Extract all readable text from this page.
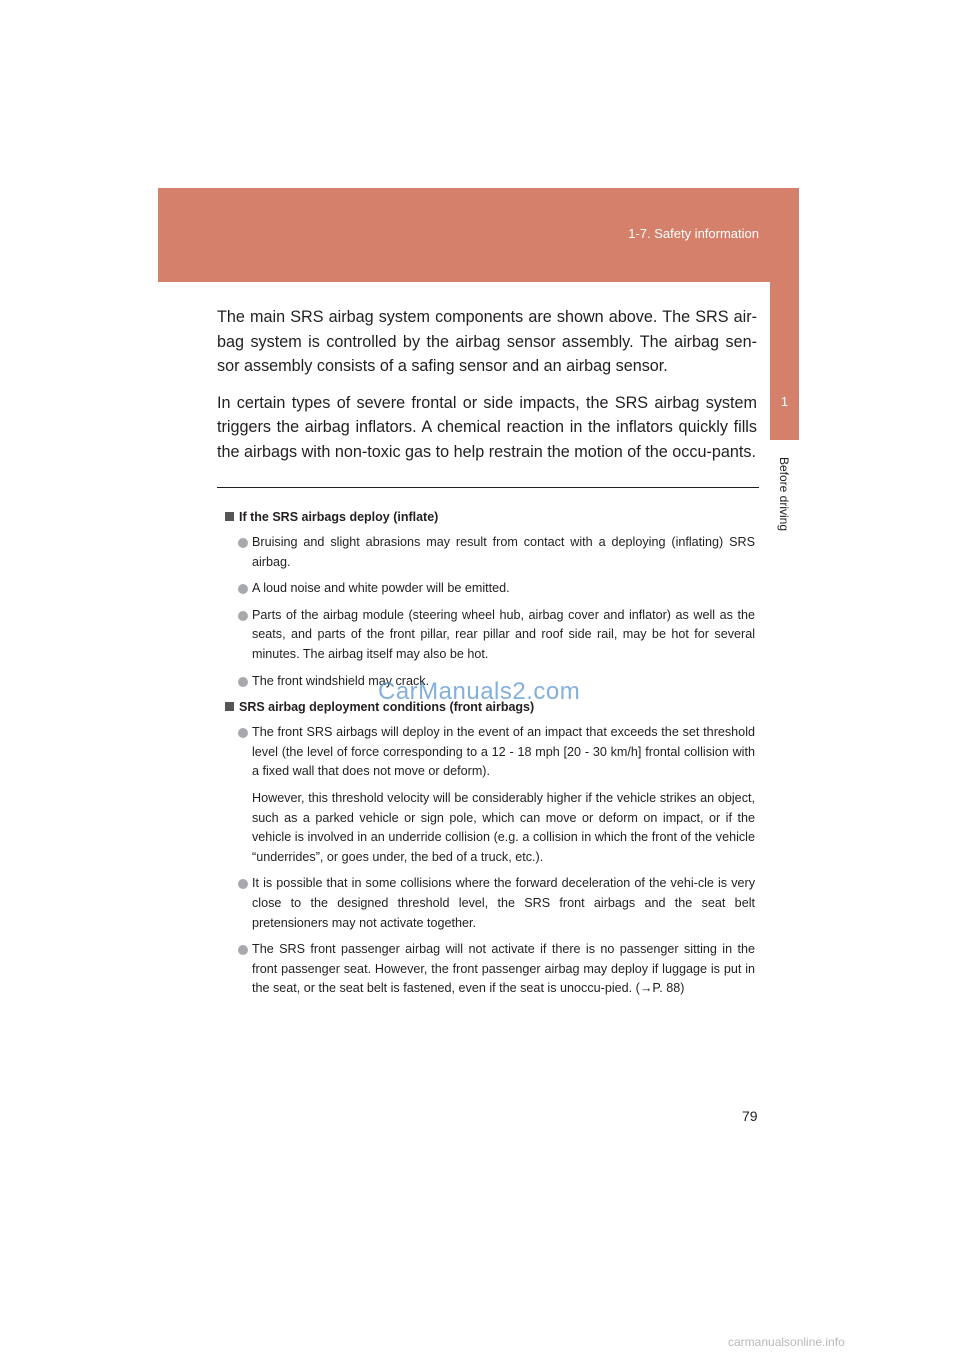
1-7. Safety information
1
Before driving

The main SRS airbag system components are shown above. The SRS air-bag system is controlled by the airbag sensor assembly. The airbag sen-sor assembly consists of a safing sensor and an airbag sensor.

In certain types of severe frontal or side impacts, the SRS airbag system triggers the airbag inflators. A chemical reaction in the inflators quickly fills the airbags with non-toxic gas to help restrain the motion of the occu-pants.

If the SRS airbags deploy (inflate)

Bruising and slight abrasions may result from contact with a deploying (inflating) SRS airbag.

A loud noise and white powder will be emitted.

Parts of the airbag module (steering wheel hub, airbag cover and inflator) as well as the seats, and parts of the front pillar, rear pillar and roof side rail, may be hot for several minutes. The airbag itself may also be hot.

The front windshield may crack.

SRS airbag deployment conditions (front airbags)

The front SRS airbags will deploy in the event of an impact that exceeds the set threshold level (the level of force corresponding to a 12 - 18 mph [20 - 30 km/h] frontal collision with a fixed wall that does not move or deform).

However, this threshold velocity will be considerably higher if the vehicle strikes an object, such as a parked vehicle or sign pole, which can move or deform on impact, or if the vehicle is involved in an underride collision (e.g. a collision in which the front of the vehicle “underrides”, or goes under, the bed of a truck, etc.).

It is possible that in some collisions where the forward deceleration of the vehi-cle is very close to the designed threshold level, the SRS front airbags and the seat belt pretensioners may not activate together.

The SRS front passenger airbag will not activate if there is no passenger sitting in the front passenger seat. However, the front passenger airbag may deploy if luggage is put in the seat, or the seat belt is fastened, even if the seat is unoccu-pied. (→P. 88)

CarManuals2.com
79
carmanualsonline.info
